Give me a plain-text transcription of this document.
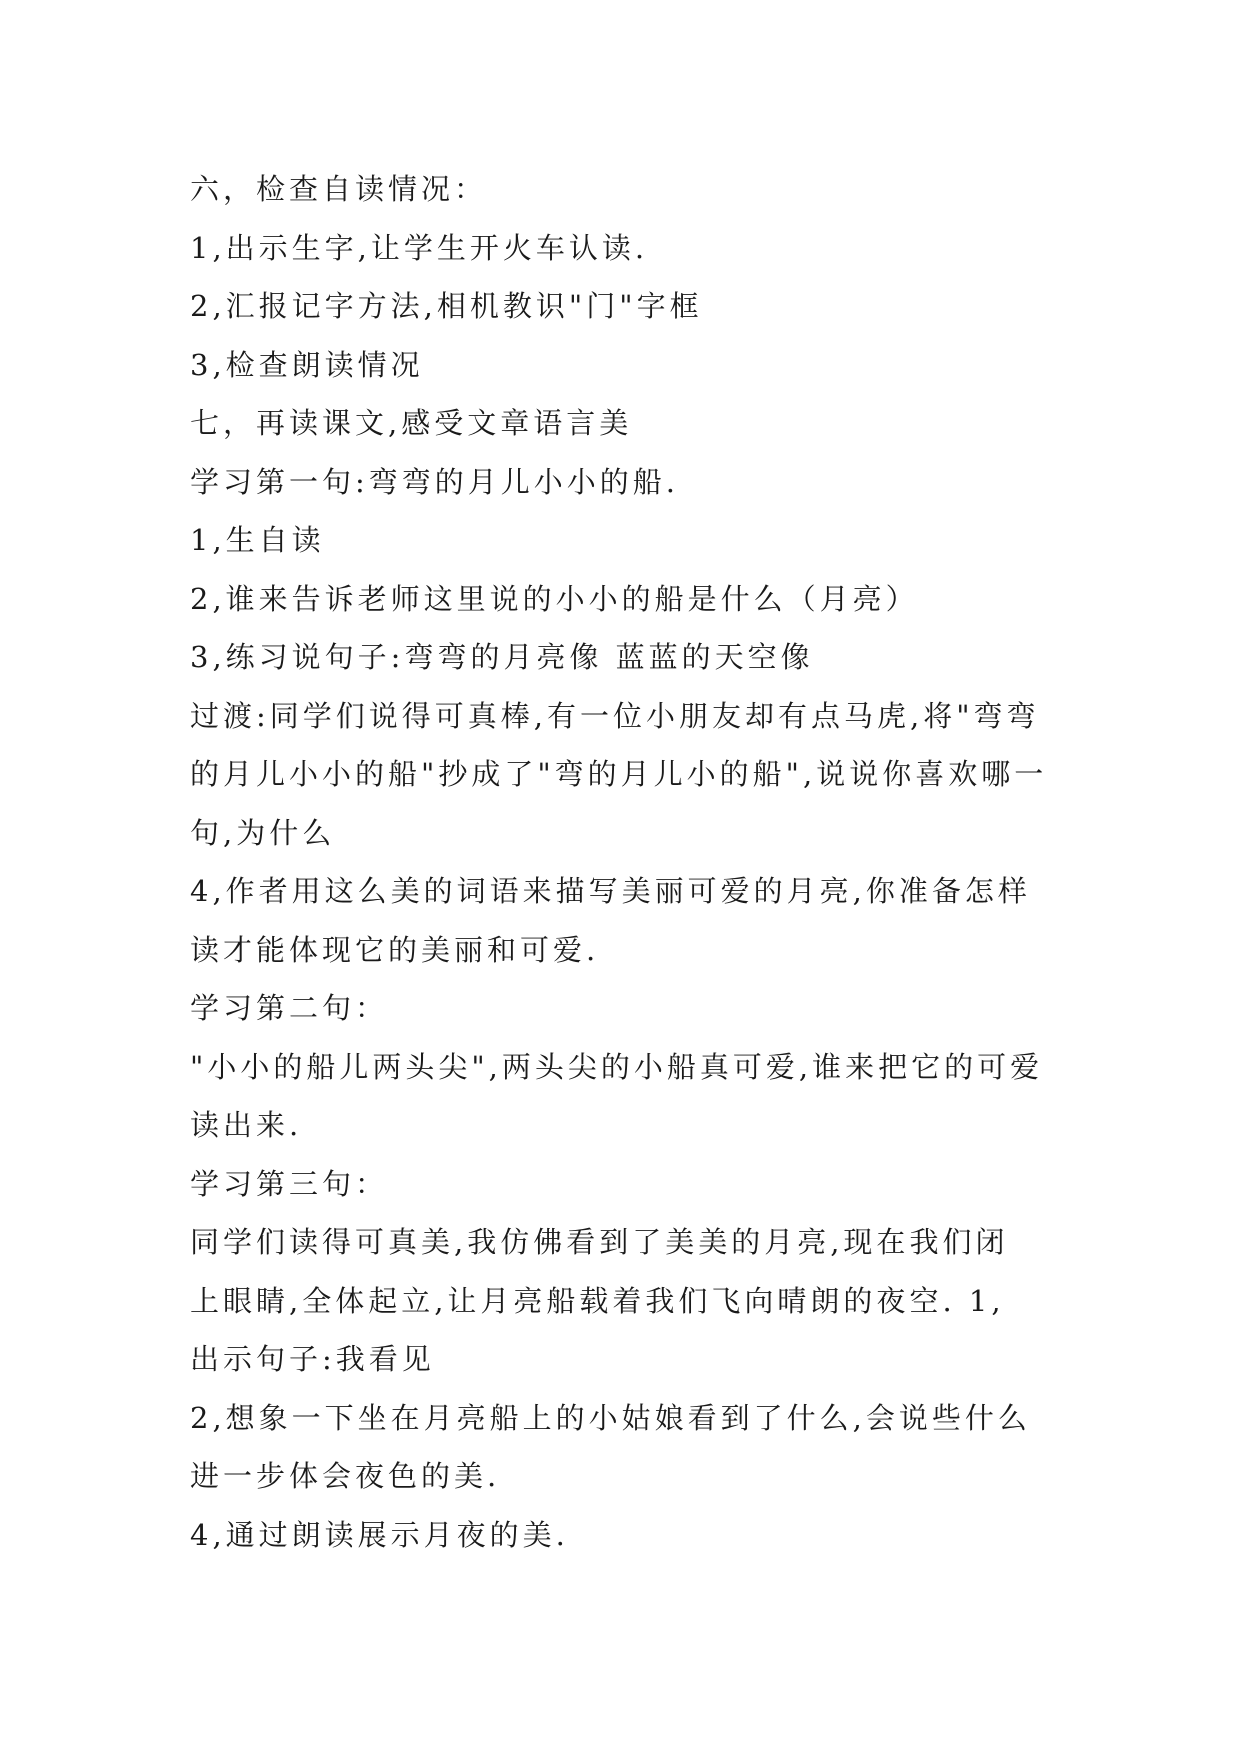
六，检查自读情况：
1,出示生字,让学生开火车认读.
2,汇报记字方法,相机教识"门"字框
3,检查朗读情况
七，再读课文,感受文章语言美
学习第一句:弯弯的月儿小小的船.
1,生自读
2,谁来告诉老师这里说的小小的船是什么（月亮）
3,练习说句子:弯弯的月亮像 蓝蓝的天空像
过渡:同学们说得可真棒,有一位小朋友却有点马虎,将"弯弯
的月儿小小的船"抄成了"弯的月儿小的船",说说你喜欢哪一
句,为什么
4,作者用这么美的词语来描写美丽可爱的月亮,你准备怎样
读才能体现它的美丽和可爱.
学习第二句：
"小小的船儿两头尖",两头尖的小船真可爱,谁来把它的可爱
读出来.
学习第三句：
同学们读得可真美,我仿佛看到了美美的月亮,现在我们闭
上眼睛,全体起立,让月亮船载着我们飞向晴朗的夜空. 1,
出示句子:我看见
2,想象一下坐在月亮船上的小姑娘看到了什么,会说些什么
进一步体会夜色的美.
4,通过朗读展示月夜的美.
